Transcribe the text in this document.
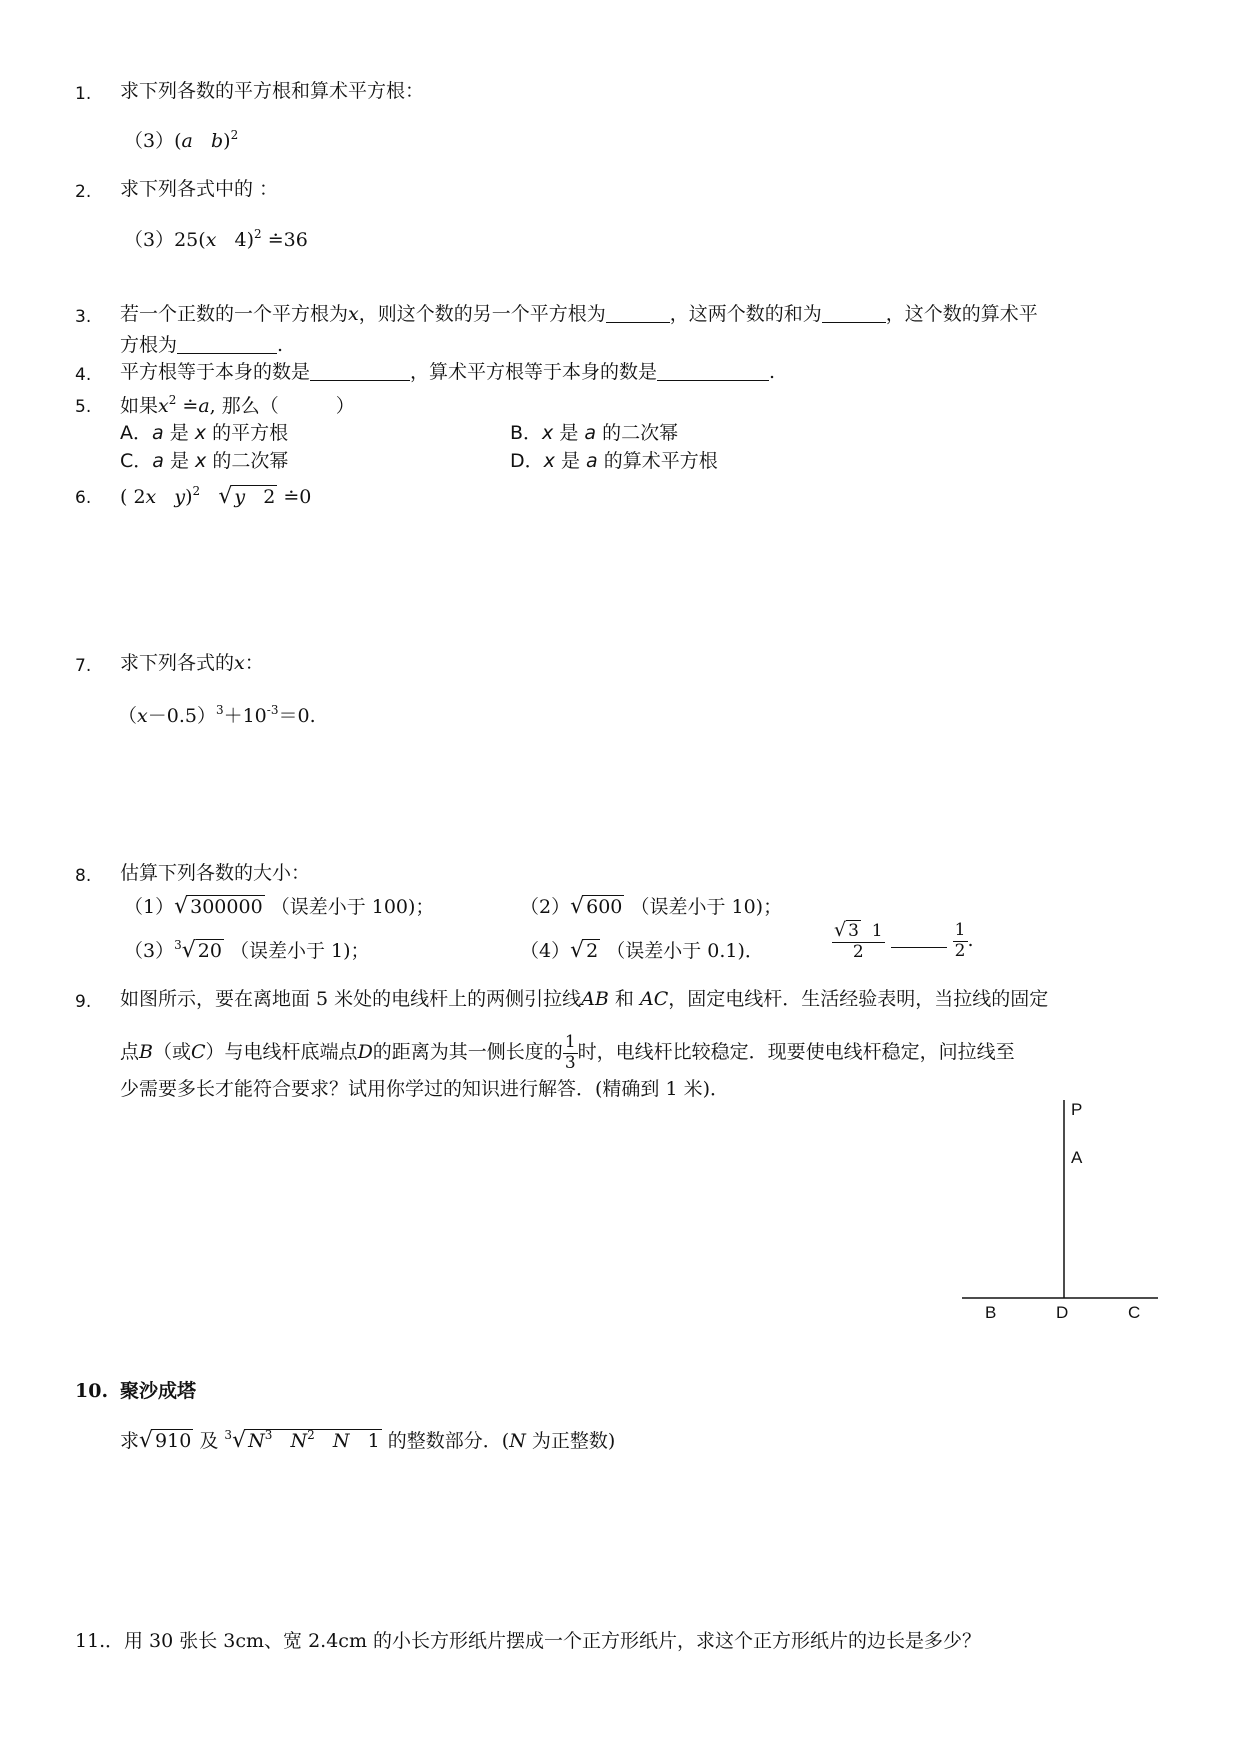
1. 求下列各数的平方根和算术平方根：
（3）(a b)$^2$
2. 求下列各式中的 ：
（3）25(x 4)$^2$ ≐36
3. 若一个正数的一个平方根为x，则这个数的另一个平方根为	，这两个数的和为	，这个数的算术平
方根为	.
4. 平方根等于本身的数是	，算术平方根等于本身的数是	.
5. 如果$x^2$ ≐a, 那么（　　　）
A．a 是 x 的平方根	B．x 是 a 的二次幂
C．a 是 x 的二次幂	D．x 是 a 的算术平方根
6. ( 2x y)$^2$ √ y 2 ≐0
7. 求下列各式的x：
$(x-0.5)^3+10^{-3}=0$.
8. 估算下列各数的大小：
（1）√ 300000 （误差小于 100)；	（2）√ 600 （误差小于 10)；
$(3)^3√$ 20 （误差小于 1)；	（4）√ 2 （误差小于 0.1)．	$\frac{√ 3 1}{2}$
	$\frac{1}{2}$ .
9. 如图所示，要在离地面 5 米处的电线杆上的两侧引拉线AB 和 AC，固定电线杆．生活经验表明，当拉线的固定
点B（或C）与电线杆底端点D的距离为其一侧长度的 $\frac{1}{3}$ 时，电线杆比较稳定．现要使电线杆稳定，问拉线至
少需要多长才能符合要求？试用你学过的知识进行解答．(精确到 1 米)．
P
A
B	D	C
10. 聚沙成塔
求√ 910 及 $^3$√ $N^3$ $N^2$ N 1 的整数部分．(N 为正整数)
11. ．用 30 张长 3cm、宽 2.4cm 的小长方形纸片摆成一个正方形纸片，求这个正方形纸片的边长是多少？
